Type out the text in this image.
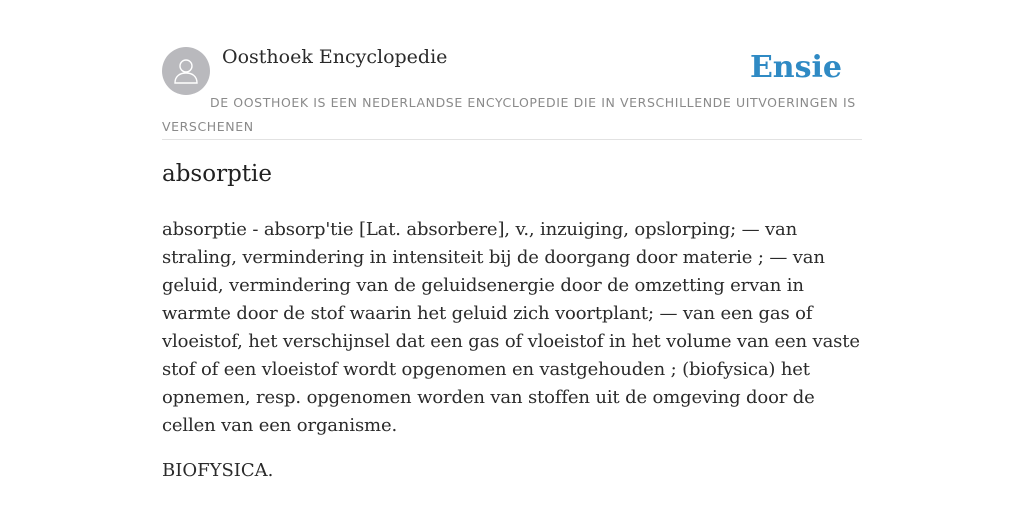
Oosthoek Encyclopedie	Ensie
DE OOSTHOEK IS EEN NEDERLANDSE ENCYCLOPEDIE DIE IN VERSCHILLENDE UITVOERINGEN IS VERSCHENEN
absorptie

absorptie - absorp'tie [Lat. absorbere], v., inzuiging, opslorping; — van straling, vermindering in intensiteit bij de doorgang door materie ; — van geluid, vermindering van de geluidsenergie door de omzetting ervan in warmte door de stof waarin het geluid zich voortplant; — van een gas of vloeistof, het verschijnsel dat een gas of vloeistof in het volume van een vaste stof of een vloeistof wordt opgenomen en vastgehouden ; (biofysica) het opnemen, resp. opgenomen worden van stoffen uit de omgeving door de cellen van een organisme.

BIOFYSICA.
